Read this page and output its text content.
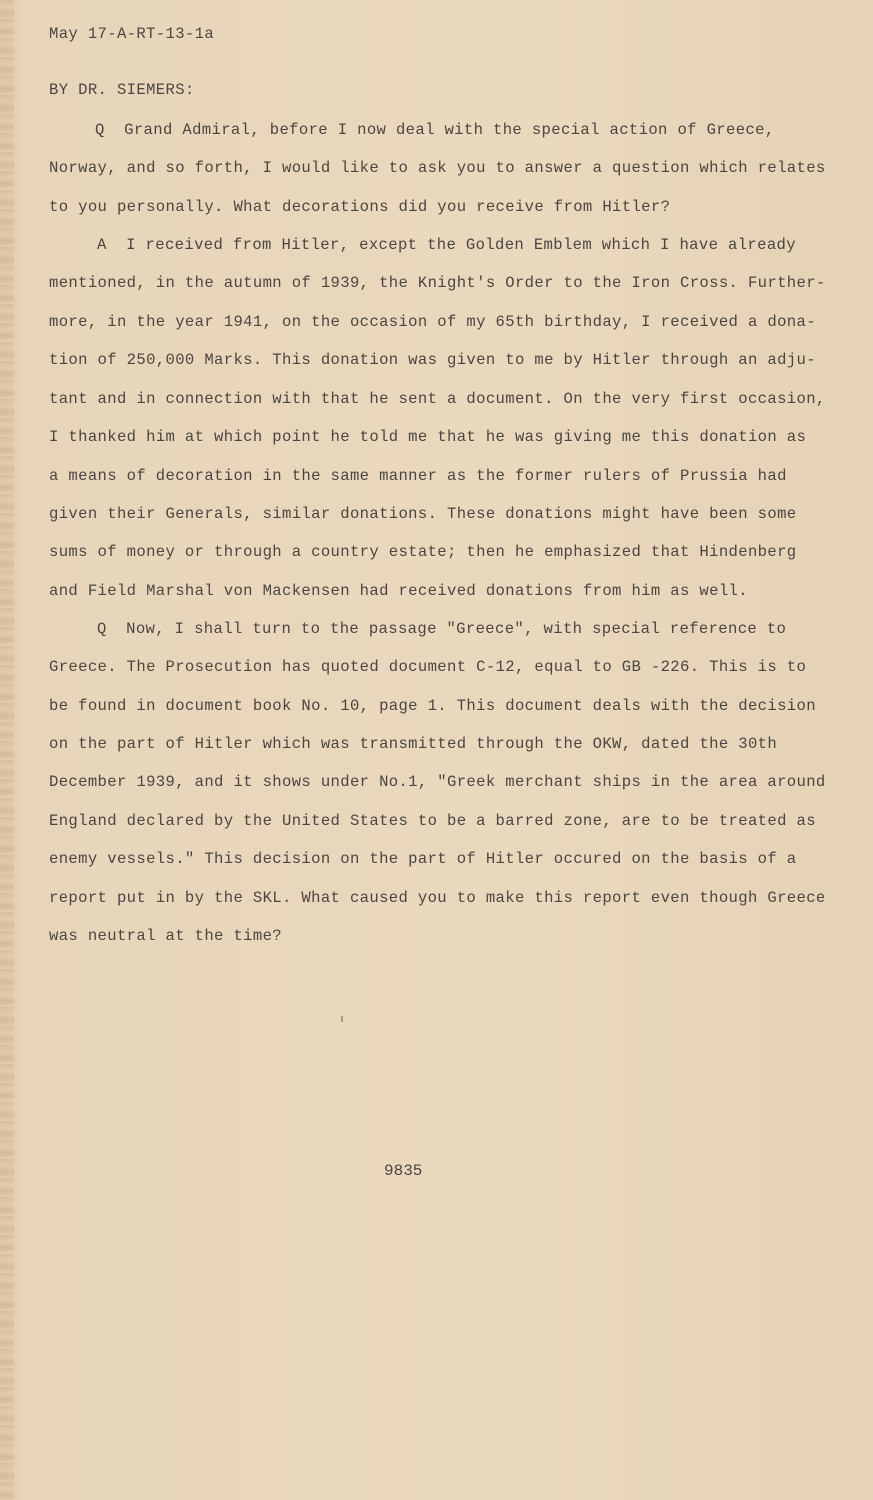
May 17-A-RT-13-1a
BY DR. SIEMERS:
Q  Grand Admiral, before I now deal with the special action of Greece,
Norway, and so forth, I would like to ask you to answer a question which relates
to you personally. What decorations did you receive from Hitler?
A  I received from Hitler, except the Golden Emblem which I have already
mentioned, in the autumn of 1939, the Knight's Order to the Iron Cross. Further-
more, in the year 1941, on the occasion of my 65th birthday, I received a dona-
tion of 250,000 Marks. This donation was given to me by Hitler through an adju-
tant and in connection with that he sent a document. On the very first occasion,
I thanked him at which point he told me that he was giving me this donation as
a means of decoration in the same manner as the former rulers of Prussia had
given their Generals, similar donations. These donations might have been some
sums of money or through a country estate; then he emphasized that Hindenberg
and Field Marshal von Mackensen had received donations from him as well.
Q  Now, I shall turn to the passage "Greece", with special reference to
Greece. The Prosecution has quoted document C-12, equal to GB -226. This is to
be found in document book No. 10, page 1. This document deals with the decision
on the part of Hitler which was transmitted through the OKW, dated the 30th
December 1939, and it shows under No.1, "Greek merchant ships in the area around
England declared by the United States to be a barred zone, are to be treated as
enemy vessels." This decision on the part of Hitler occured on the basis of a
report put in by the SKL. What caused you to make this report even though Greece
was neutral at the time?
9835
